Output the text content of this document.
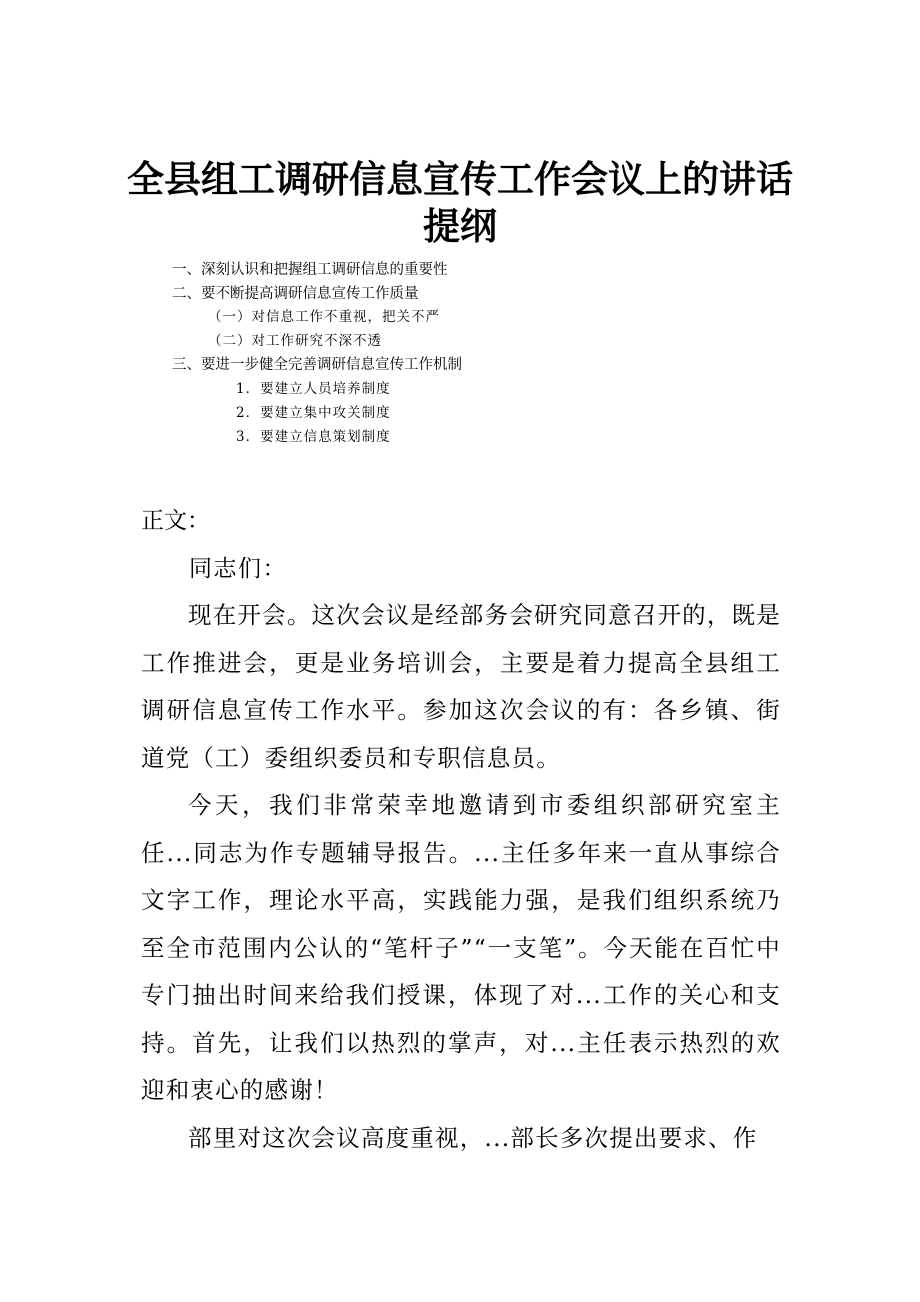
全县组工调研信息宣传工作会议上的讲话
提纲
一、深刻认识和把握组工调研信息的重要性
二、要不断提高调研信息宣传工作质量
（一）对信息工作不重视，把关不严
（二）对工作研究不深不透
三、要进一步健全完善调研信息宣传工作机制
1．要建立人员培养制度
2．要建立集中攻关制度
3．要建立信息策划制度
正文：
同志们：

现在开会。这次会议是经部务会研究同意召开的，既是工作推进会，更是业务培训会，主要是着力提高全县组工调研信息宣传工作水平。参加这次会议的有：各乡镇、街道党（工）委组织委员和专职信息员。

今天，我们非常荣幸地邀请到市委组织部研究室主任...同志为作专题辅导报告。...主任多年来一直从事综合文字工作，理论水平高，实践能力强，是我们组织系统乃至全市范围内公认的“笔杆子”“一支笔”。今天能在百忙中专门抽出时间来给我们授课，体现了对...工作的关心和支持。首先，让我们以热烈的掌声，对...主任表示热烈的欢迎和衷心的感谢！

部里对这次会议高度重视，...部长多次提出要求、作
